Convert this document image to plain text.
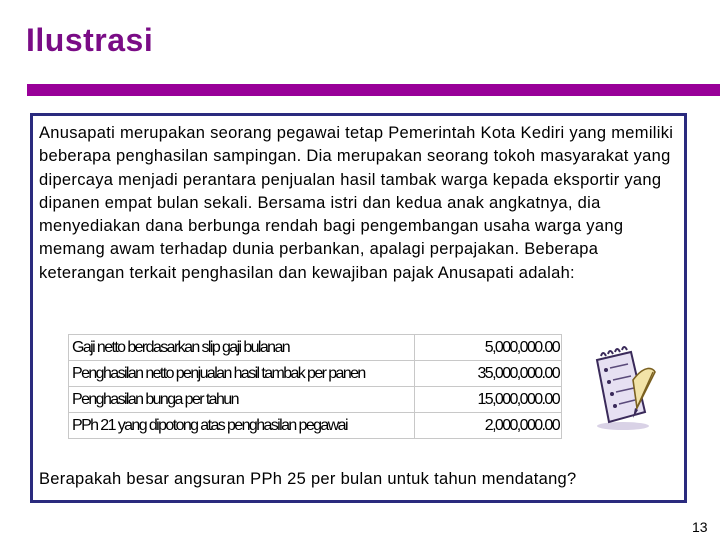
Ilustrasi
Anusapati merupakan seorang pegawai tetap Pemerintah Kota Kediri yang memiliki beberapa penghasilan sampingan. Dia merupakan seorang tokoh masyarakat yang dipercaya menjadi perantara penjualan hasil tambak warga kepada eksportir yang dipanen empat bulan sekali. Bersama istri dan kedua anak angkatnya, dia menyediakan dana berbunga rendah bagi pengembangan usaha warga yang memang awam terhadap dunia perbankan, apalagi perpajakan. Beberapa keterangan terkait penghasilan dan kewajiban pajak Anusapati adalah:
Gaji netto berdasarkan slip gaji bulanan	5,000,000.00
Penghasilan netto penjualan hasil tambak per panen	35,000,000.00
Penghasilan bunga per tahun	15,000,000.00
PPh 21 yang dipotong atas penghasilan pegawai	2,000,000.00
Berapakah besar angsuran PPh 25 per bulan untuk tahun mendatang?
13
